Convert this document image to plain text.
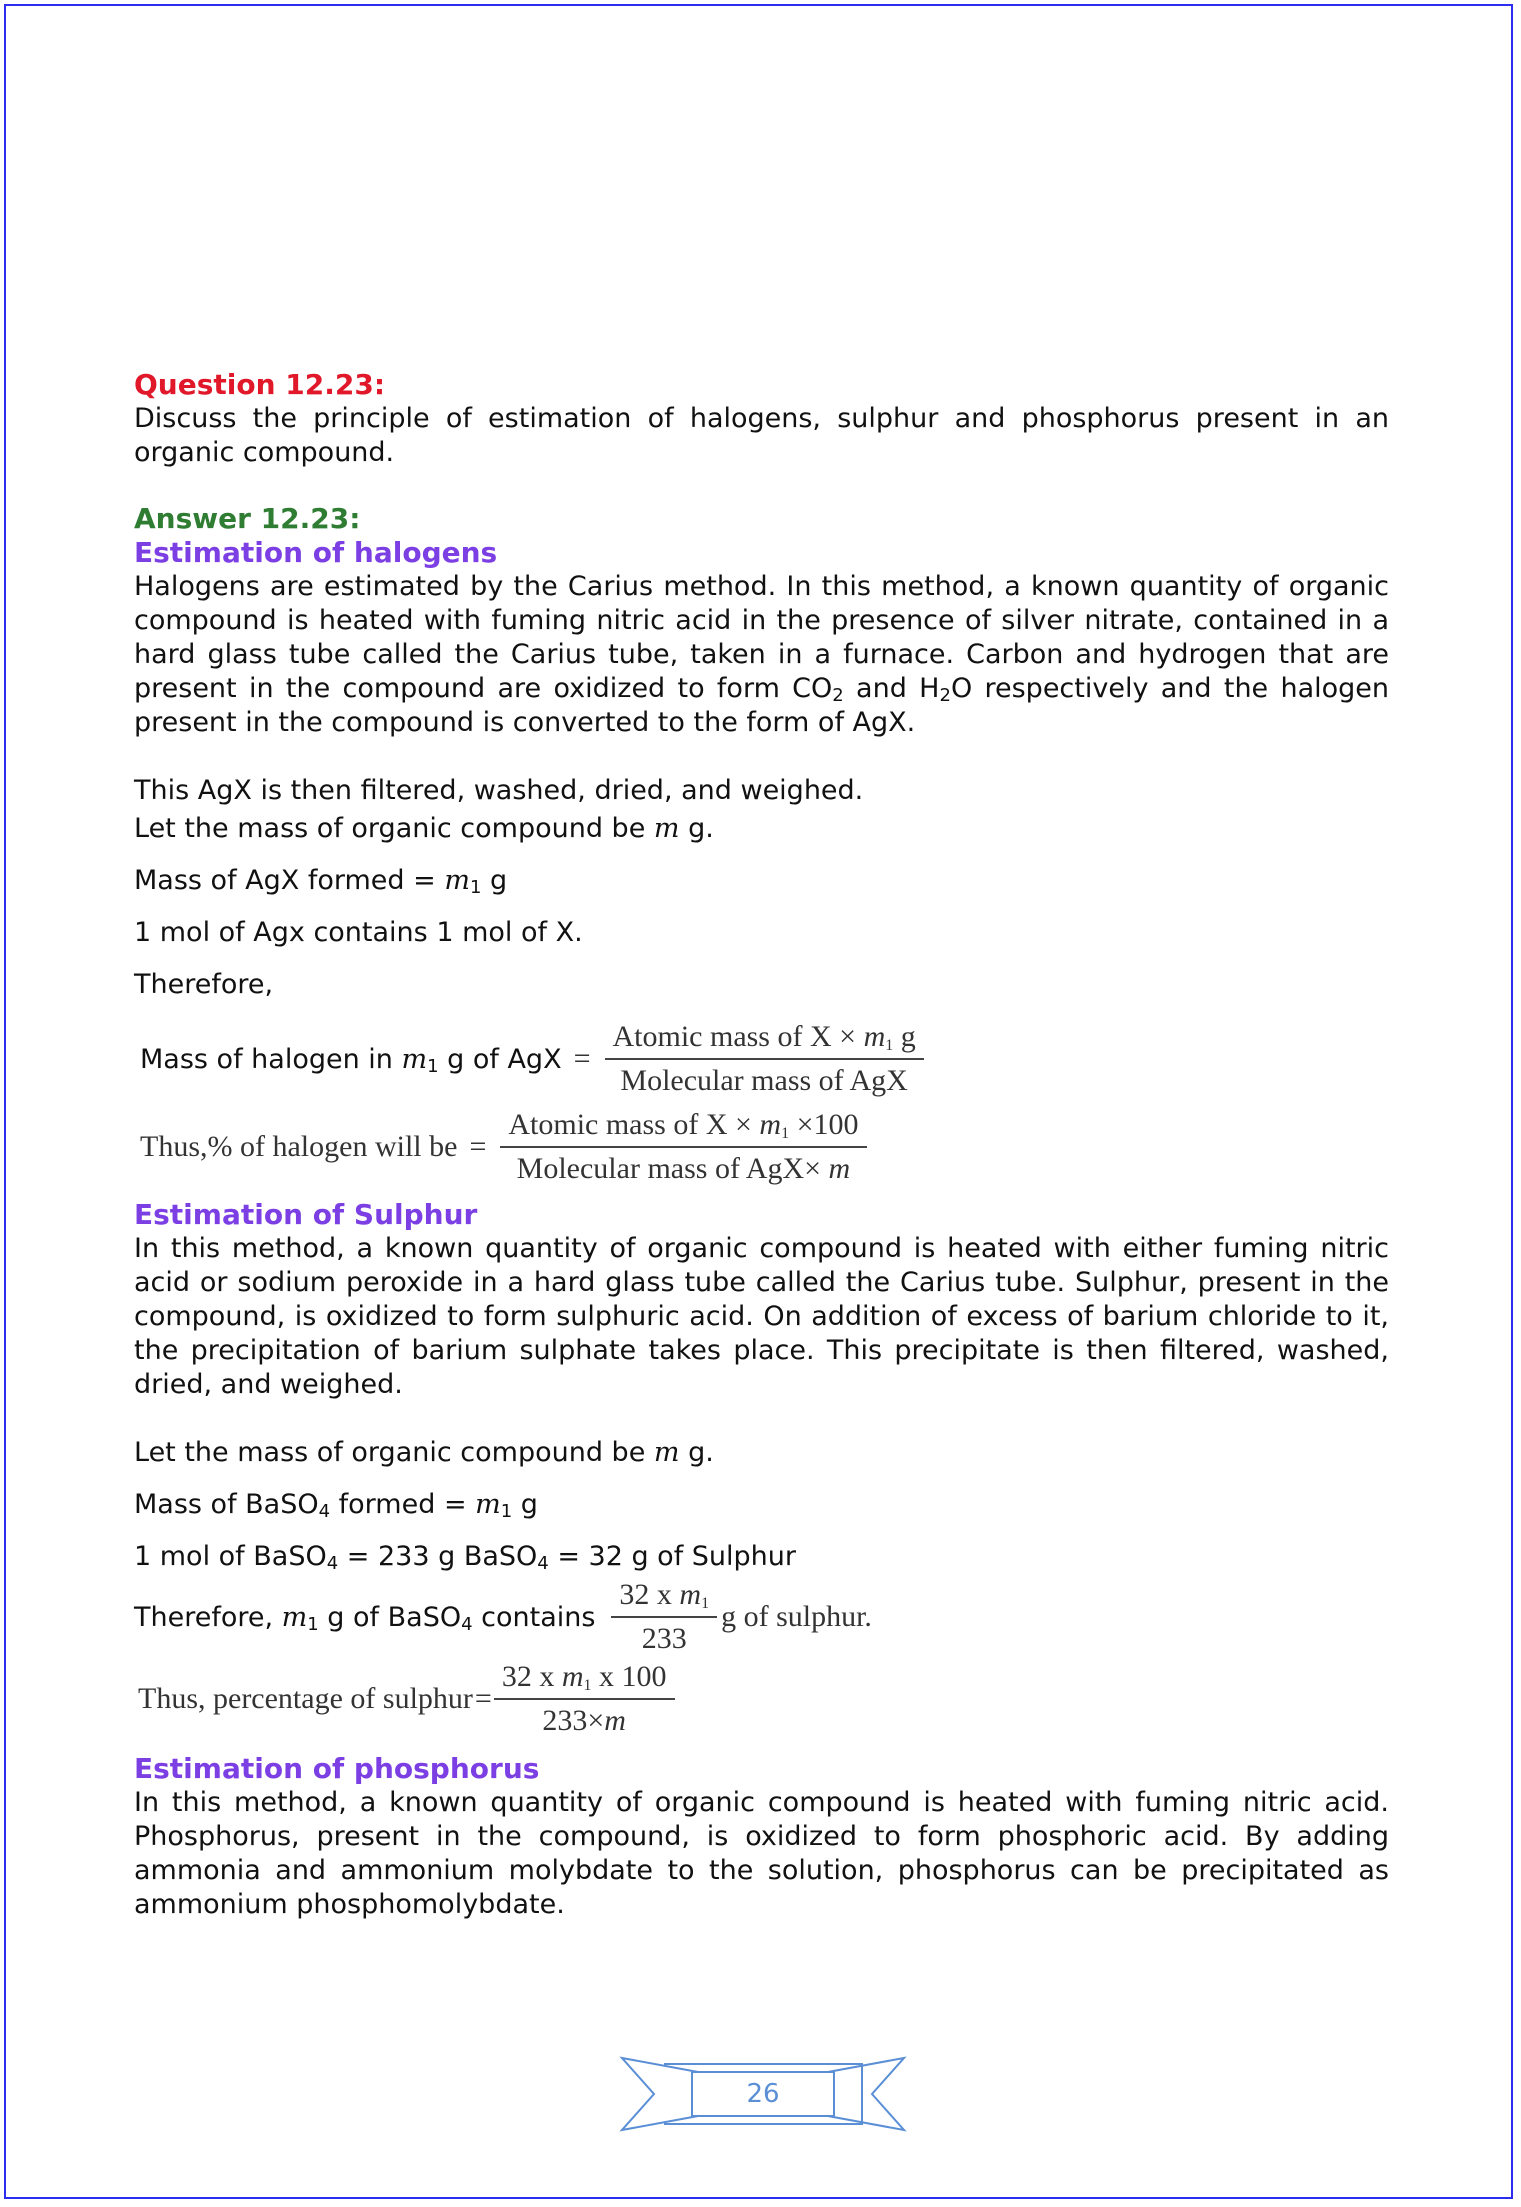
Question 12.23:

Discuss the principle of estimation of halogens, sulphur and phosphorus present in an organic compound.

Answer 12.23:
Estimation of halogens

Halogens are estimated by the Carius method. In this method, a known quantity of organic compound is heated with fuming nitric acid in the presence of silver nitrate, contained in a hard glass tube called the Carius tube, taken in a furnace. Carbon and hydrogen that are present in the compound are oxidized to form $CO_2$ and $H_2O$ respectively and the halogen present in the compound is converted to the form of AgX.

This AgX is then filtered, washed, dried, and weighed.

Let the mass of organic compound be m g.

Mass of AgX formed = $m_1$ g

1 mol of Agx contains 1 mol of X.

Therefore,

Mass of halogen in $m_1$ g of AgX = $\frac{\text{Atomic mass of X × m1 g}}{\text{Molecular mass of AgX}}$
Thus,% of halogen will be = $\frac{\text{Atomic mass of X × m1 ×100}}{\text{Molecular mass of AgX× m}}$
Estimation of Sulphur

In this method, a known quantity of organic compound is heated with either fuming nitric acid or sodium peroxide in a hard glass tube called the Carius tube. Sulphur, present in the compound, is oxidized to form sulphuric acid. On addition of excess of barium chloride to it, the precipitation of barium sulphate takes place. This precipitate is then filtered, washed, dried, and weighed.

Let the mass of organic compound be m g.

Mass of BaSO$_4$ formed = $m_1$ g

1 mol of BaSO$_4$ = 233 g BaSO$_4$ = 32 g of Sulphur

Therefore, $m_1$ g of BaSO$_4$ contains $\frac{\text{32 x m1}}{233}$ g of sulphur.
Thus, percentage of sulphur = $\frac{\text{32 x m1 x 100}}{233\times m}$
Estimation of phosphorus

In this method, a known quantity of organic compound is heated with fuming nitric acid. Phosphorus, present in the compound, is oxidized to form phosphoric acid. By adding ammonia and ammonium molybdate to the solution, phosphorus can be precipitated as ammonium phosphomolybdate.

26
